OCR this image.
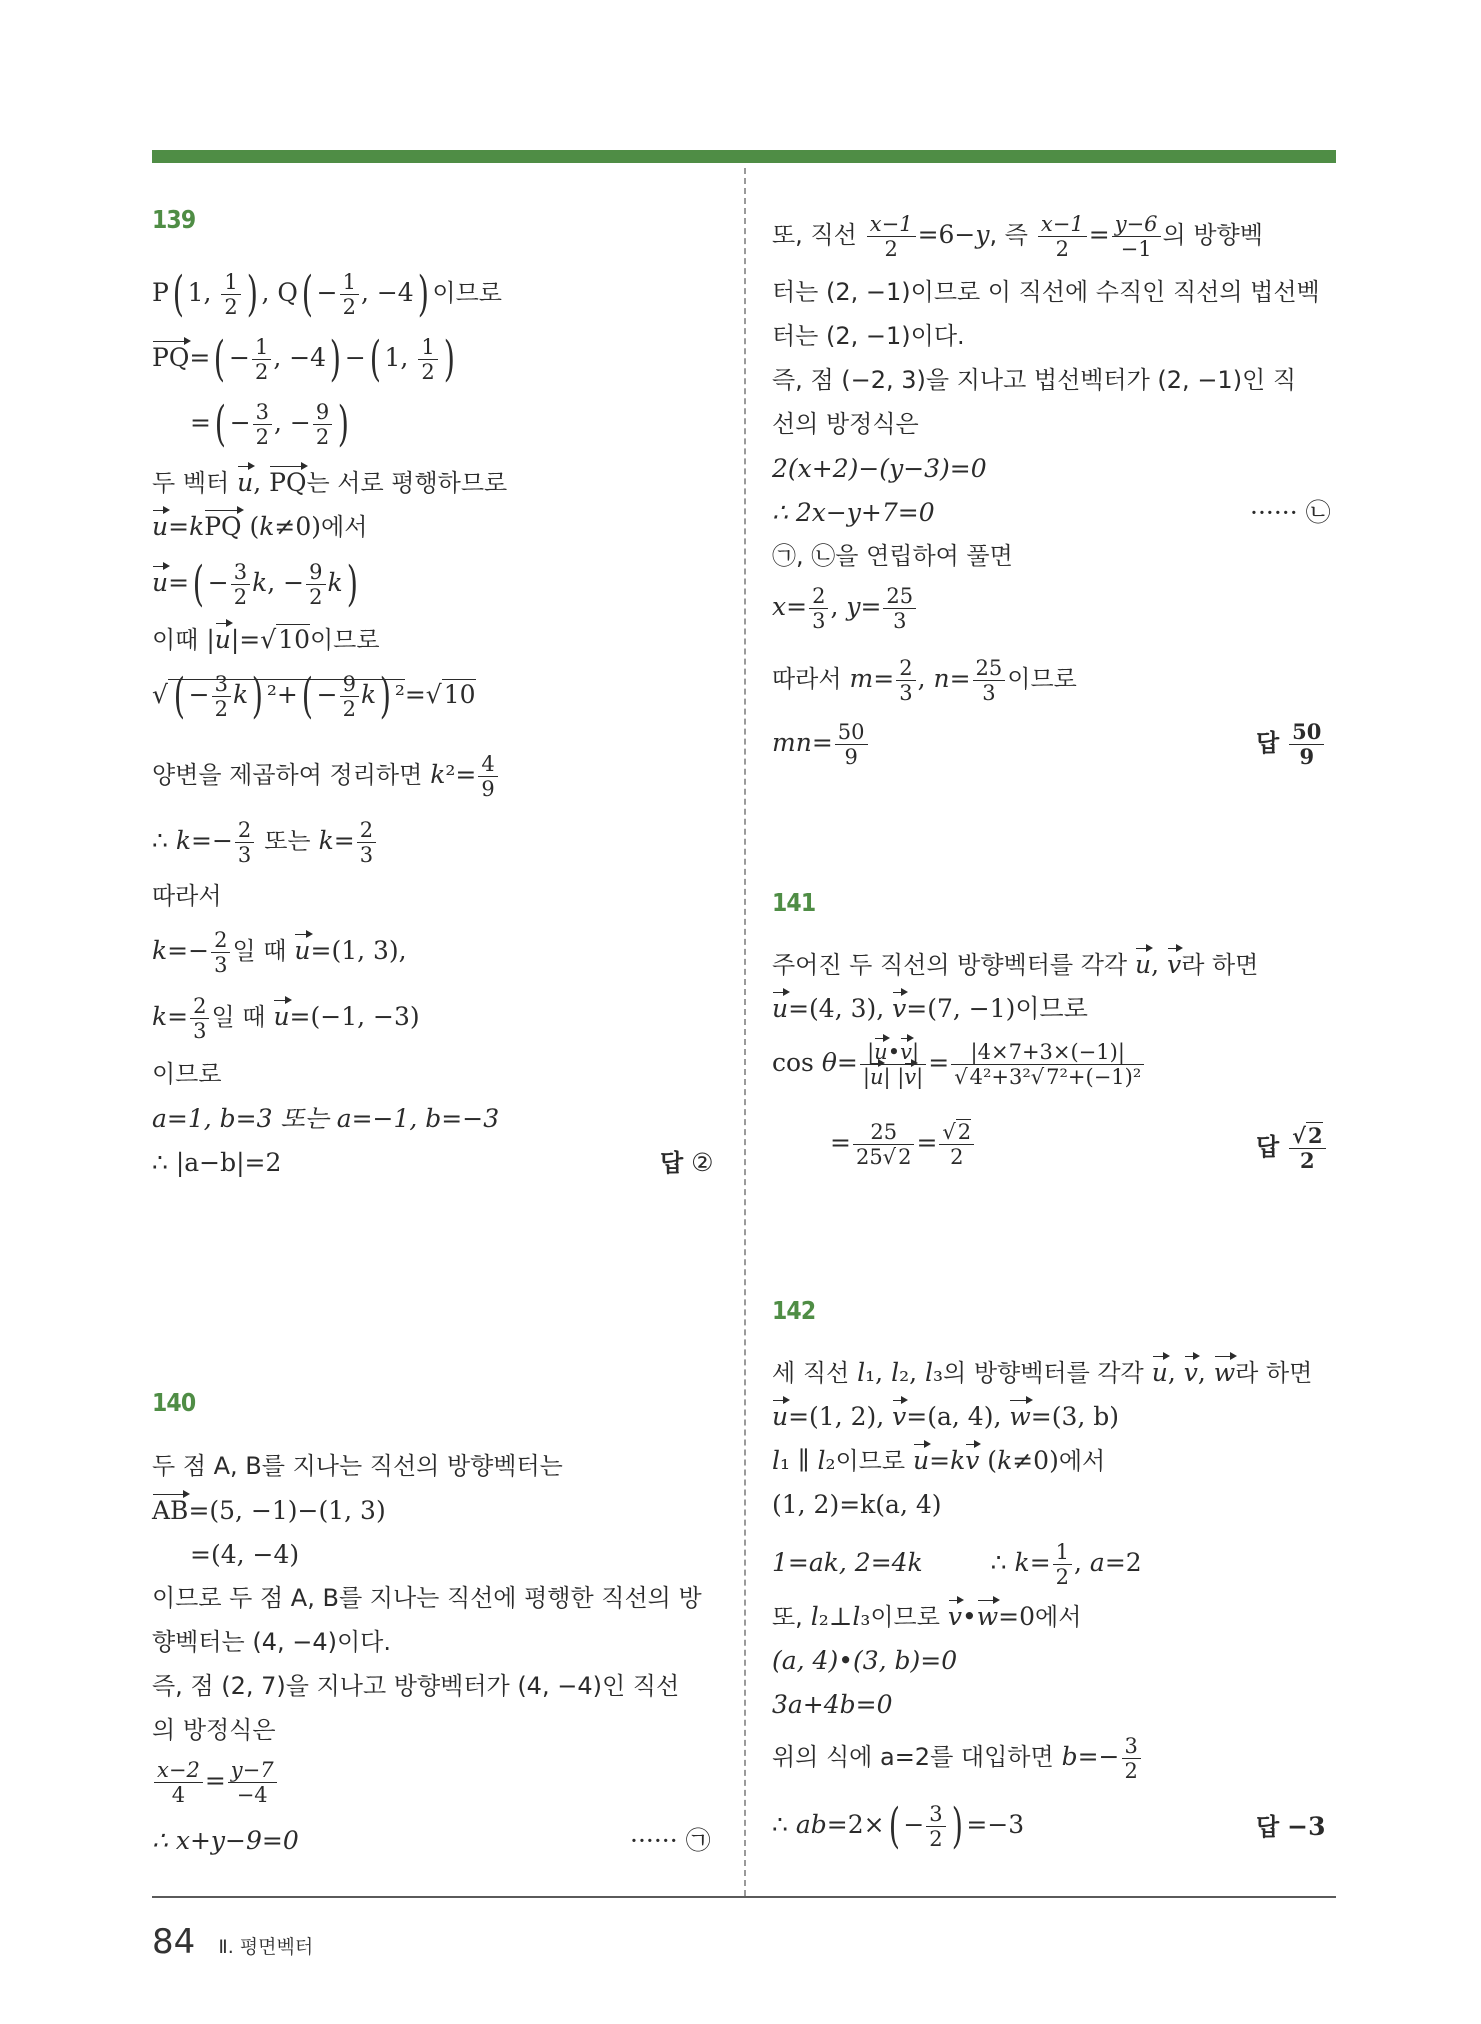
139
P( 1, $\frac{1}{2}$ ) , $Q( - \frac{1}{2}$ , −4) 이므로
$PQ=( - \frac{1}{2}$ , −4) −( 1, $\frac{1}{2}$ )
=( − $\frac{3}{2}$ , − $\frac{9}{2}$ )
두 벡터 u, PQ는 서로 평행하므로
u=kPQ (k≠0)에서
$u=( - \frac{3}{2} k$, − $\frac{9}{2} k$)
이때 |u|=√10이므로
√ ( − $\frac{3}{2} k$) $^2+( - \frac{9}{2} k)$ ²=√10
양변을 제곱하여 정리하면 $k^2= \frac{4}{9}$
∴ $k=- \frac{2}{3}$ 또는 $k= \frac{2}{3}$
따라서
$k=- \frac{2}{3}$ 일 때 u=(1, 3),
$k= \frac{2}{3}$ 일 때 u=(−1, −3)
이므로
a=1, b=3 또는 a=−1, b=−3
∴ |a−b|=2	답 ②
140
두 점 A, B를 지나는 직선의 방향벡터는
AB=(5, −1)−(1, 3)
=(4, −4)
이므로 두 점 A, B를 지나는 직선에 평행한 직선의 방
향벡터는 (4, −4)이다.
즉, 점 (2, 7)을 지나고 방향벡터가 (4, −4)인 직선
의 방정식은
$\frac{x-2}{4} = \frac{y-7}{-4}$
∴ x+y−9=0	······ ㉠
또, 직선 $\frac{x-1}{2} =6-y$, 즉 $\frac{x-1}{2} = \frac{y-6}{-1}$ 의 방향벡
터는 (2, −1)이므로 이 직선에 수직인 직선의 법선벡
터는 (2, −1)이다.
즉, 점 (−2, 3)을 지나고 법선벡터가 (2, −1)인 직
선의 방정식은
2(x+2)−(y−3)=0
∴ 2x−y+7=0	······ ㉡
㉠, ㉡을 연립하여 풀면
$x= \frac{2}{3}$ , $y= \frac{25}{3}$
따라서 $m= \frac{2}{3}$ , $n= \frac{25}{3}$ 이므로
$mn= \frac{50}{9}$	답 $\frac{50}{9}$
141
주어진 두 직선의 방향벡터를 각각 u, v라 하면
u=(4, 3), v=(7, −1)이므로
$\cos \theta= \frac{|u•v|}{|u| |v|} = \frac{|4\times 7+3\times(-1)|}{\text{√4²+3²√7²+(−1)²}}$
= $\frac{25}{25√2} = \frac{√2}{2}$	답 $\frac{√2}{2}$
142
세 직선 l₁, l₂, l₃의 방향벡터를 각각 u, v, w라 하면
u=(1, 2), v=(a, 4), w=(3, b)
l₁ ∥ l₂이므로 u=kv (k≠0)에서
(1, 2)=k(a, 4)
1=ak, 2=4k	∴ $k= \frac{1}{2}$ , a=2
또, l₂⊥l₃이므로 v•w=0에서
(a, 4)•(3, b)=0
3a+4b=0
위의 식에 a=2를 대입하면 $b=- \frac{3}{2}$
∴ $ab=2\times( - \frac{3}{2}$ ) =−3	답 −3
84 Ⅱ. 평면벡터
